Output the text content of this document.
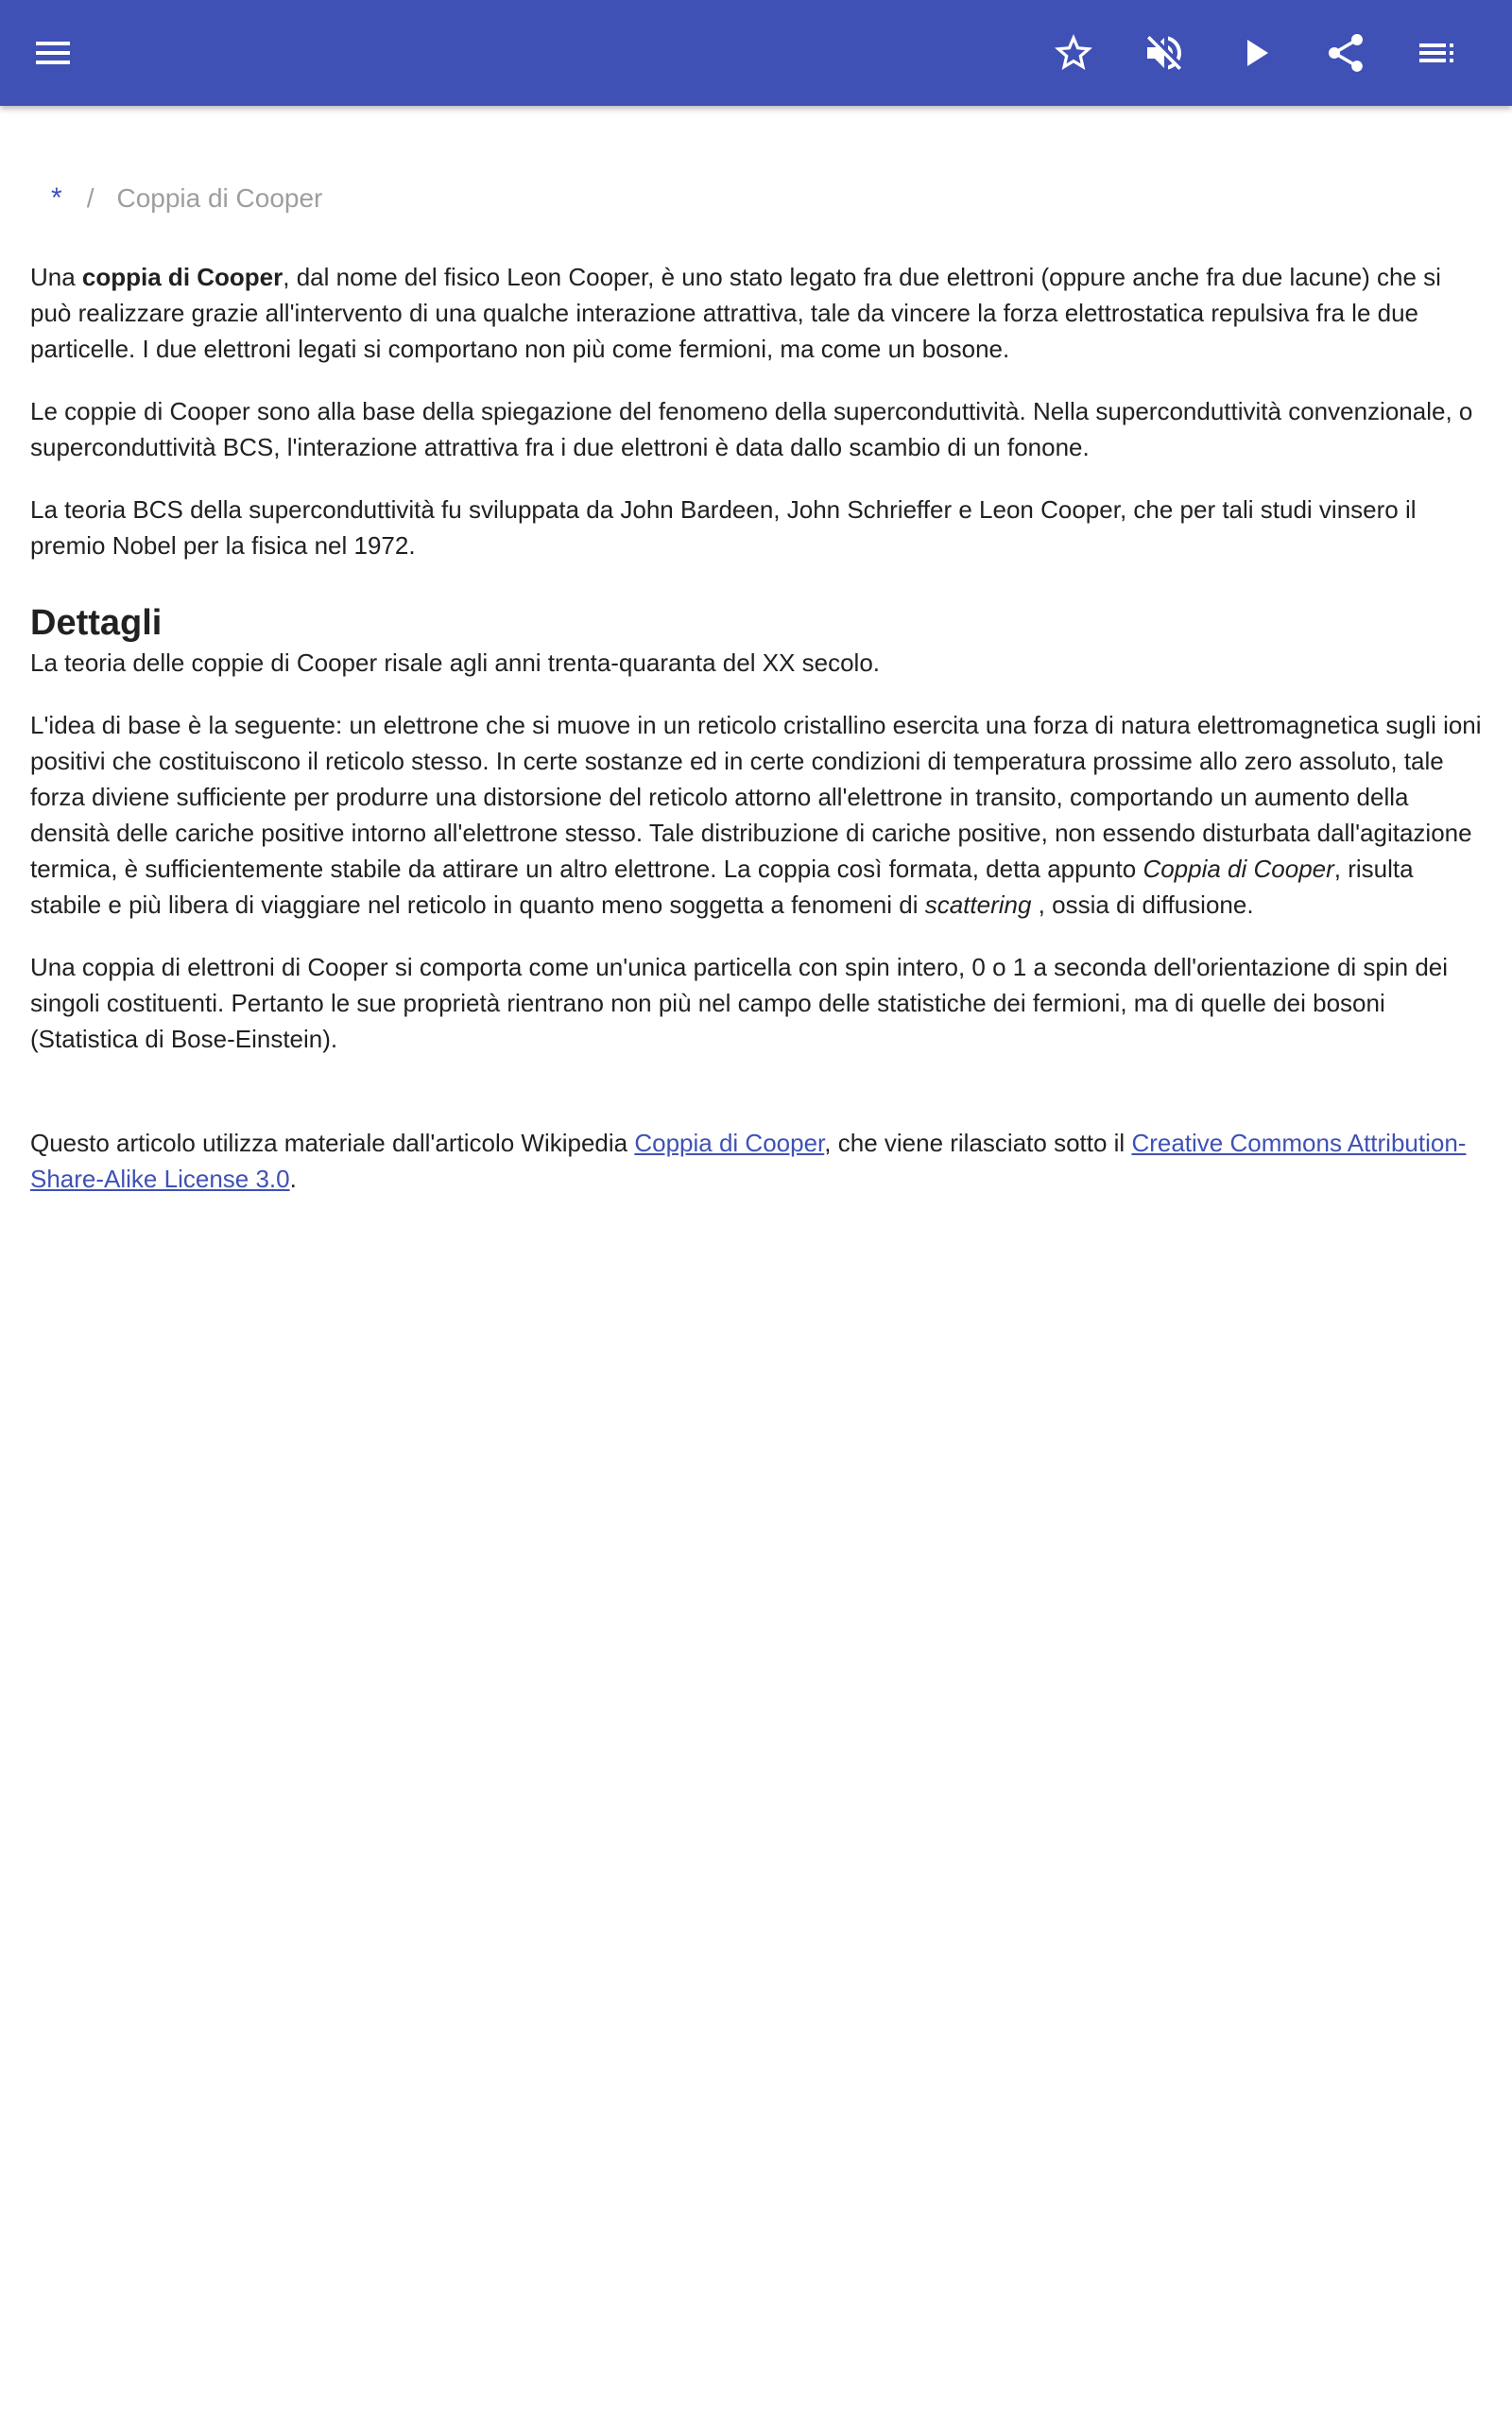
* / Coppia di Cooper

Una coppia di Cooper, dal nome del fisico Leon Cooper, è uno stato legato fra due elettroni (oppure anche fra due lacune) che si può realizzare grazie all'intervento di una qualche interazione attrattiva, tale da vincere la forza elettrostatica repulsiva fra le due particelle. I due elettroni legati si comportano non più come fermioni, ma come un bosone.

Le coppie di Cooper sono alla base della spiegazione del fenomeno della superconduttività. Nella superconduttività convenzionale, o superconduttività BCS, l'interazione attrattiva fra i due elettroni è data dallo scambio di un fonone.

La teoria BCS della superconduttività fu sviluppata da John Bardeen, John Schrieffer e Leon Cooper, che per tali studi vinsero il premio Nobel per la fisica nel 1972.

Dettagli

La teoria delle coppie di Cooper risale agli anni trenta-quaranta del XX secolo.

L'idea di base è la seguente: un elettrone che si muove in un reticolo cristallino esercita una forza di natura elettromagnetica sugli ioni positivi che costituiscono il reticolo stesso. In certe sostanze ed in certe condizioni di temperatura prossime allo zero assoluto, tale forza diviene sufficiente per produrre una distorsione del reticolo attorno all'elettrone in transito, comportando un aumento della densità delle cariche positive intorno all'elettrone stesso. Tale distribuzione di cariche positive, non essendo disturbata dall'agitazione termica, è sufficientemente stabile da attirare un altro elettrone. La coppia così formata, detta appunto Coppia di Cooper, risulta stabile e più libera di viaggiare nel reticolo in quanto meno soggetta a fenomeni di scattering , ossia di diffusione.

Una coppia di elettroni di Cooper si comporta come un'unica particella con spin intero, 0 o 1 a seconda dell'orientazione di spin dei singoli costituenti. Pertanto le sue proprietà rientrano non più nel campo delle statistiche dei fermioni, ma di quelle dei bosoni (Statistica di Bose-Einstein).

Questo articolo utilizza materiale dall'articolo Wikipedia Coppia di Cooper, che viene rilasciato sotto il Creative Commons Attribution-Share-Alike License 3.0.
